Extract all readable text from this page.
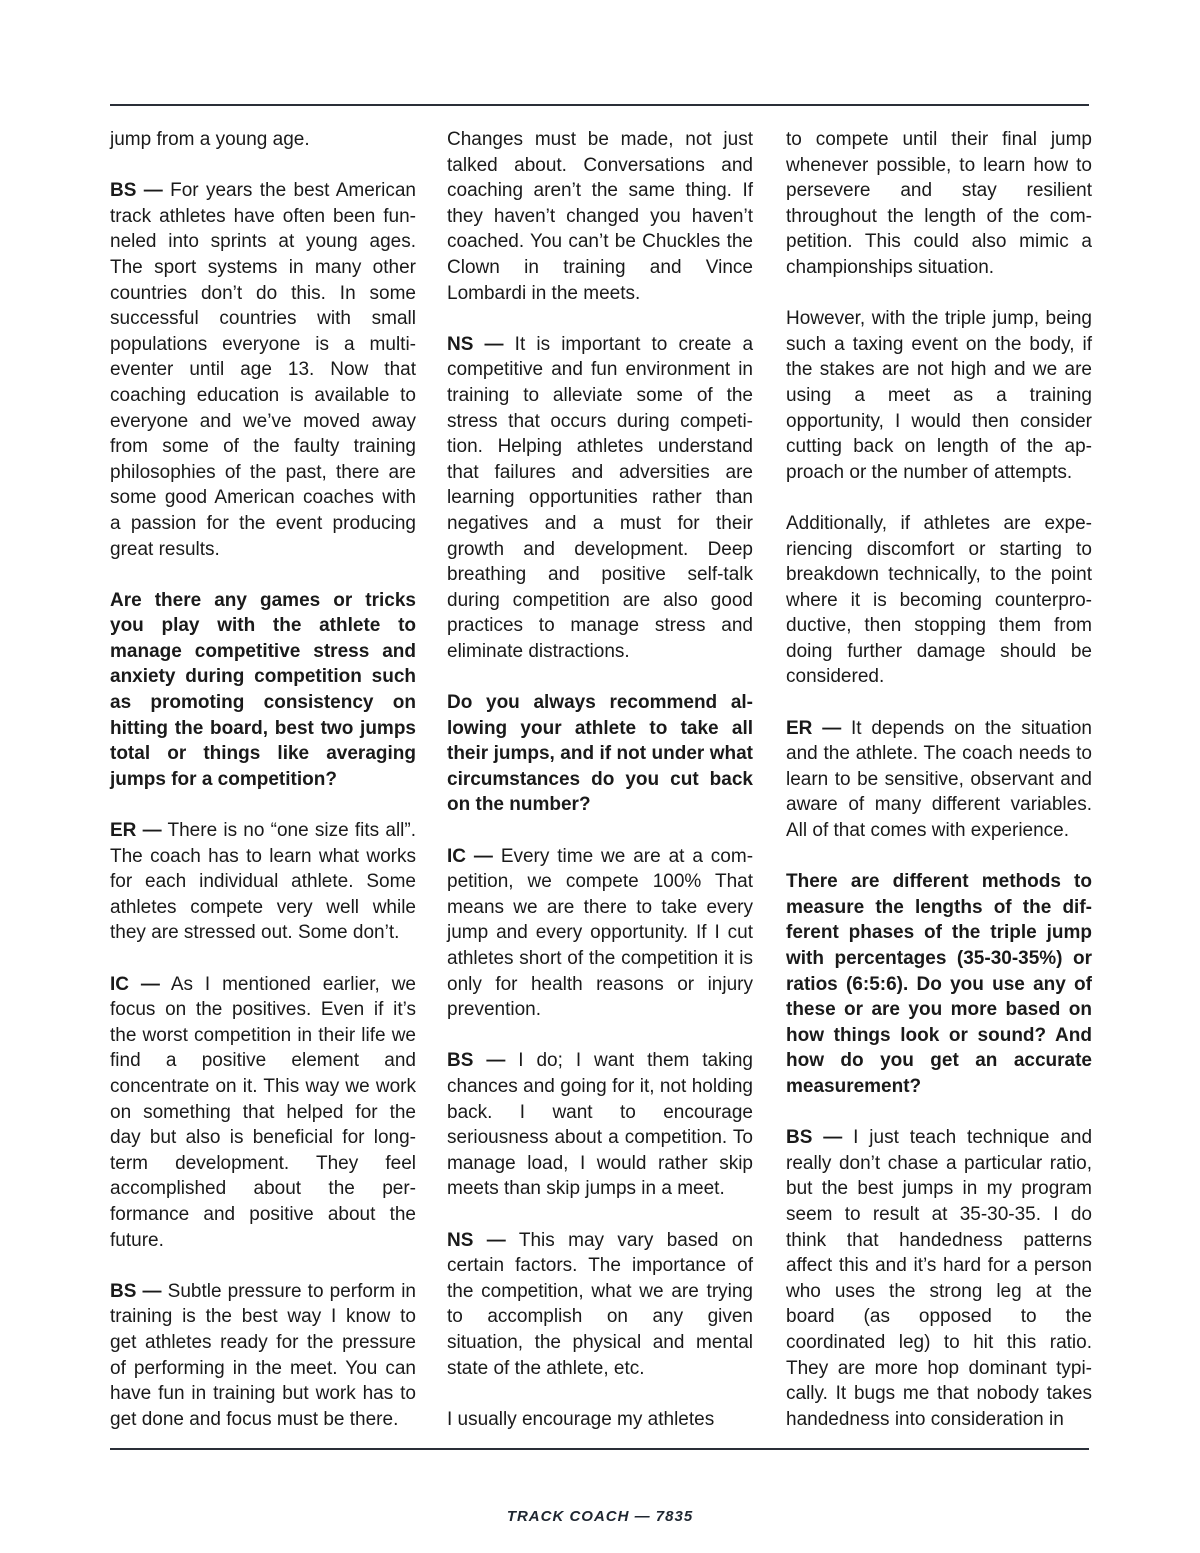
jump from a young age.

BS — For years the best American track athletes have often been funneled into sprints at young ages. The sport systems in many other countries don’t do this. In some successful countries with small populations everyone is a multi-eventer until age 13. Now that coaching education is available to everyone and we’ve moved away from some of the faulty training philosophies of the past, there are some good American coaches with a passion for the event producing great results.

Are there any games or tricks you play with the athlete to manage competitive stress and anxiety during competition such as promoting consistency on hitting the board, best two jumps total or things like averaging jumps for a competition?

ER — There is no “one size fits all”. The coach has to learn what works for each individual athlete. Some athletes compete very well while they are stressed out. Some don’t.

IC — As I mentioned earlier, we focus on the positives. Even if it’s the worst competition in their life we find a positive element and concentrate on it. This way we work on something that helped for the day but also is beneficial for long-term development. They feel accomplished about the performance and positive about the future.

BS — Subtle pressure to perform in training is the best way I know to get athletes ready for the pressure of performing in the meet. You can have fun in training but work has to get done and focus must be there.

Changes must be made, not just talked about. Conversations and coaching aren’t the same thing. If they haven’t changed you haven’t coached. You can’t be Chuckles the Clown in training and Vince Lombardi in the meets.

NS — It is important to create a competitive and fun environment in training to alleviate some of the stress that occurs during competition. Helping athletes understand that failures and adversities are learning opportunities rather than negatives and a must for their growth and development. Deep breathing and positive self-talk during competition are also good practices to manage stress and eliminate distractions.

Do you always recommend allowing your athlete to take all their jumps, and if not under what circumstances do you cut back on the number?

IC — Every time we are at a competition, we compete 100% That means we are there to take every jump and every opportunity. If I cut athletes short of the competition it is only for health reasons or injury prevention.

BS — I do; I want them taking chances and going for it, not holding back. I want to encourage seriousness about a competition. To manage load, I would rather skip meets than skip jumps in a meet.

NS — This may vary based on certain factors. The importance of the competition, what we are trying to accomplish on any given situation, the physical and mental state of the athlete, etc.

I usually encourage my athletes

to compete until their final jump whenever possible, to learn how to persevere and stay resilient throughout the length of the competition. This could also mimic a championships situation.

However, with the triple jump, being such a taxing event on the body, if the stakes are not high and we are using a meet as a training opportunity, I would then consider cutting back on length of the approach or the number of attempts.

Additionally, if athletes are experiencing discomfort or starting to breakdown technically, to the point where it is becoming counterproductive, then stopping them from doing further damage should be considered.

ER — It depends on the situation and the athlete. The coach needs to learn to be sensitive, observant and aware of many different variables. All of that comes with experience.

There are different methods to measure the lengths of the different phases of the triple jump with percentages (35-30-35%) or ratios (6:5:6). Do you use any of these or are you more based on how things look or sound? And how do you get an accurate measurement?

BS — I just teach technique and really don’t chase a particular ratio, but the best jumps in my program seem to result at 35-30-35. I do think that handedness patterns affect this and it’s hard for a person who uses the strong leg at the board (as opposed to the coordinated leg) to hit this ratio. They are more hop dominant typically. It bugs me that nobody takes handedness into consideration in

TRACK COACH — 7835
